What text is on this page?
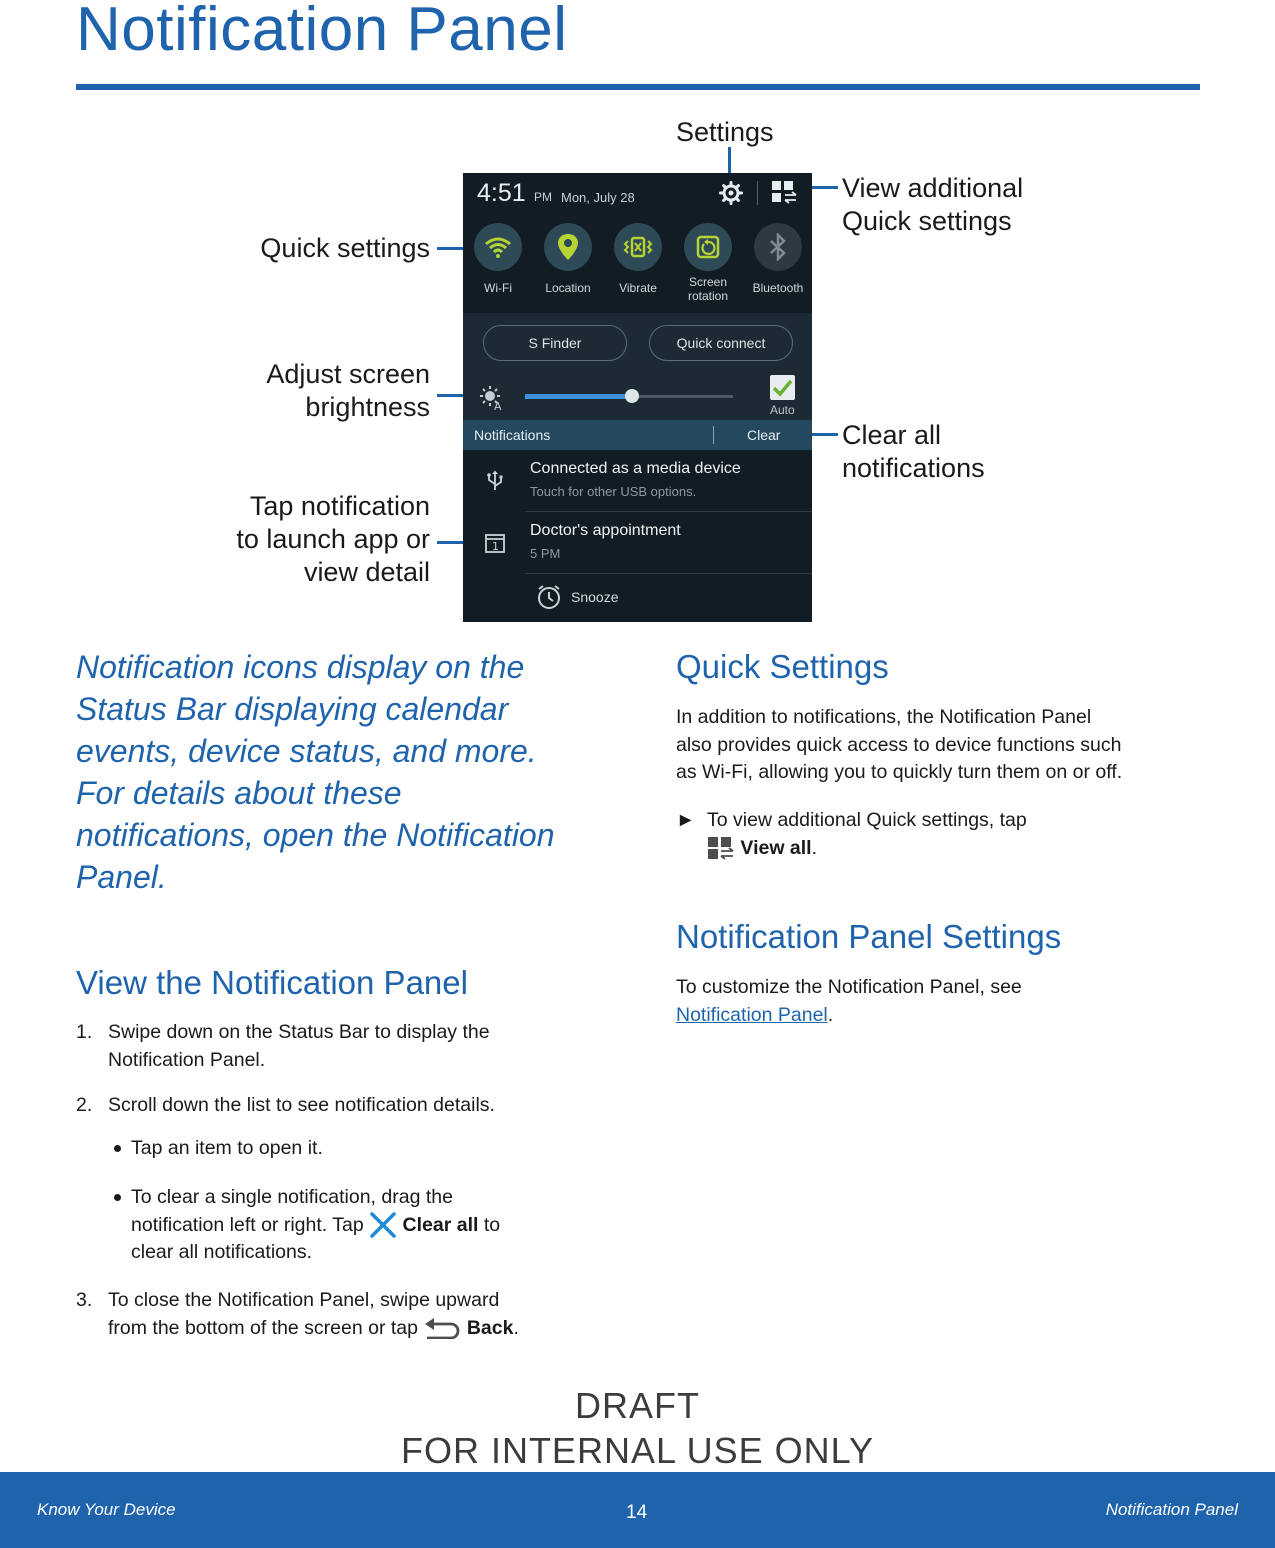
Notification Panel
Settings
View additional
Quick settings
Quick settings
Adjust screen
brightness
Clear all
notifications
Tap notification
to launch app or
view detail
4:51 PM Mon, July 28
Wi-Fi	Location	Vibrate	Screen
rotation
Bluetooth
S Finder	Quick connect
A	Auto
Notifications	Clear
Connected as a media device
Touch for other USB options.
1
Doctor's appointment
5 PM
Snooze

Notification icons display on the Status Bar displaying calendar events, device status, and more. For details about these notifications, open the Notification Panel.

View the Notification Panel
1. Swipe down on the Status Bar to display the
Notification Panel.
2. Scroll down the list to see notification details.
Tap an item to open it.
To clear a single notification, drag the
notification left or right. Tap Clear all to
clear all notifications.
3. To close the Notification Panel, swipe upward
from the bottom of the screen or tap	Back.
Quick Settings
In addition to notifications, the Notification Panel
also provides quick access to device functions such
as Wi-Fi, allowing you to quickly turn them on or off.
► To view additional Quick settings, tap
View all.
Notification Panel Settings
To customize the Notification Panel, see
Notification Panel.
DRAFT
FOR INTERNAL USE ONLY
Know Your Device	14	Notification Panel
